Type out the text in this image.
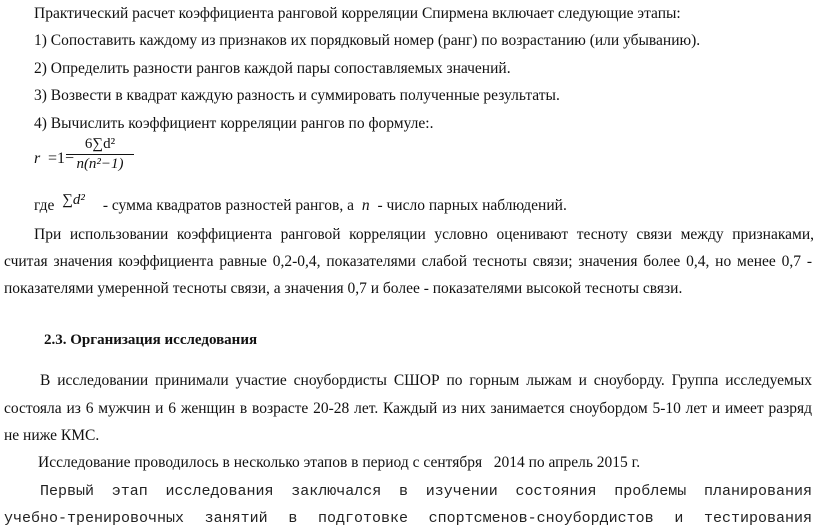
Практический расчет коэффициента ранговой корреляции Спирмена включает следующие этапы:
1) Сопоставить каждому из признаков их порядковый номер (ранг) по возрастанию (или убыванию).
2) Определить разности рангов каждой пары сопоставляемых значений.
3) Возвести в квадрат каждую разность и суммировать полученные результаты.
4) Вычислить коэффициент корреляции рангов по формуле:.
r =1−
6∑d²
n(n²−1)
где ∑d² - сумма квадратов разностей рангов, а n - число парных наблюдений.
При использовании коэффициента ранговой корреляции условно оценивают тесноту связи между признаками,
считая значения коэффициента равные 0,2-0,4, показателями слабой тесноты связи; значения более 0,4, но менее 0,7 -
показателями умеренной тесноты связи, а значения 0,7 и более - показателями высокой тесноты связи.
2.3. Организация исследования
В исследовании принимали участие сноубордисты СШОР по горным лыжам и сноуборду. Группа исследуемых
состояла из 6 мужчин и 6 женщин в возрасте 20-28 лет. Каждый из них занимается сноубордом 5-10 лет и имеет разряд
не ниже КМС.
Исследование проводилось в несколько этапов в период с сентября   2014 по апрель 2015 г.
Первый этап исследования заключался в изучении состояния проблемы планирования
учебно-тренировочных занятий в подготовке спортсменов-сноубордистов и тестирования
